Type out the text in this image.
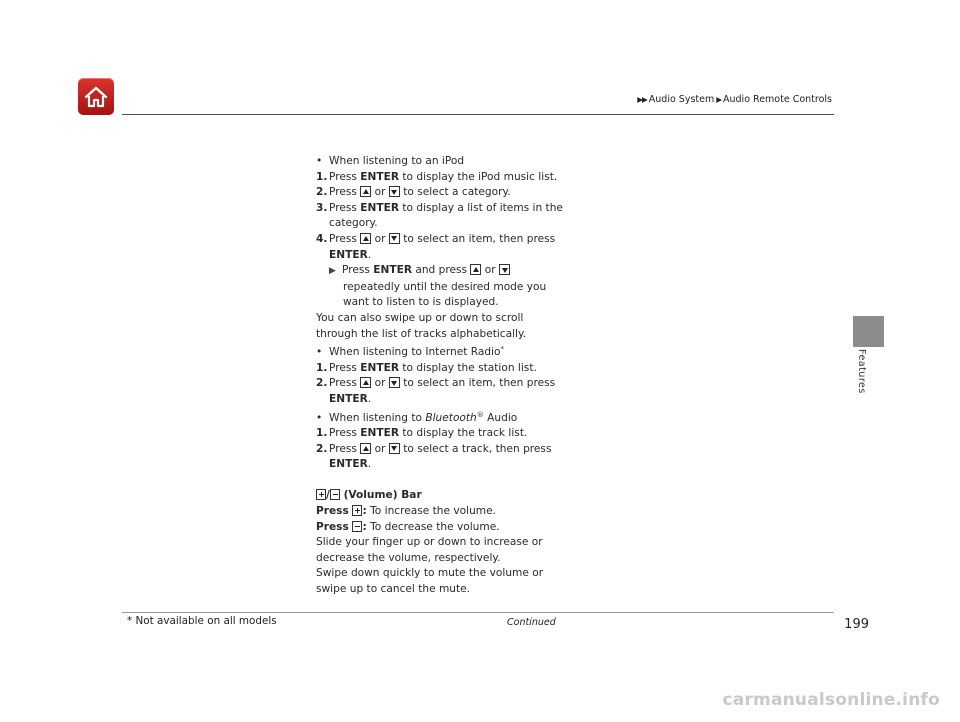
▶▶ Audio System ▶ Audio Remote Controls
Features
• When listening to an iPod
1. Press ENTER to display the iPod music list.
2. Press  or  to select a category.
3. Press ENTER to display a list of items in the
category.
4. Press  or  to select an item, then press
ENTER.
▶ Press ENTER and press  or
repeatedly until the desired mode you
want to listen to is displayed.
You can also swipe up or down to scroll
through the list of tracks alphabetically.
• When listening to Internet Radio*
1. Press ENTER to display the station list.
2. Press  or  to select an item, then press
ENTER.
• When listening to Bluetooth® Audio
1. Press ENTER to display the track list.
2. Press  or  to select a track, then press
ENTER.
/ (Volume) Bar
Press : To increase the volume.
Press : To decrease the volume.
Slide your finger up or down to increase or
decrease the volume, respectively.
Swipe down quickly to mute the volume or
swipe up to cancel the mute.
* Not available on all models	Continued	199
carmanualsonline.info
